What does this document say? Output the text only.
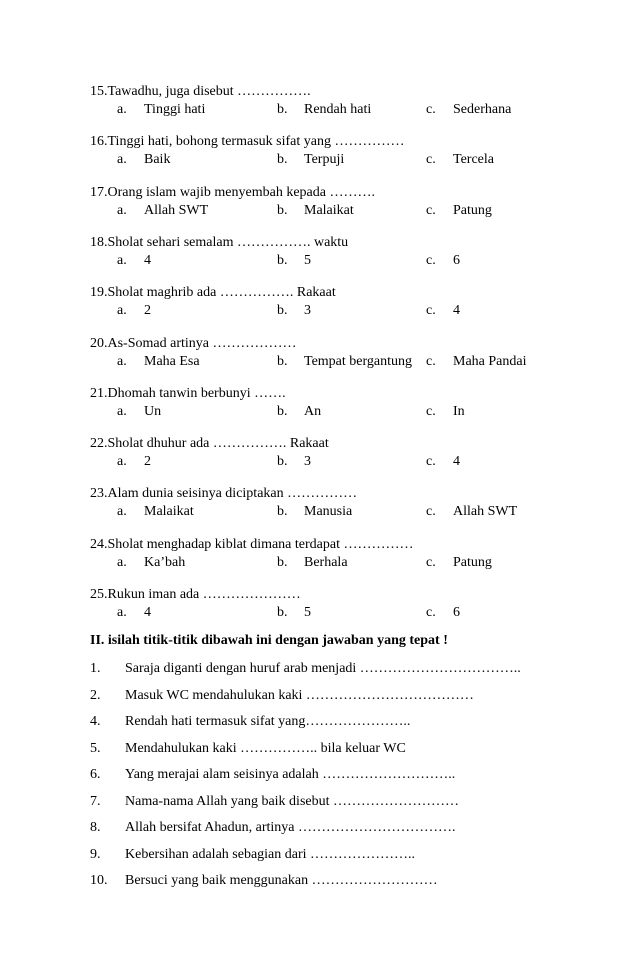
15.Tawadhu, juga disebut …………….
a. Tinggi hati	b. Rendah hati	c. Sederhana
16.Tinggi hati, bohong termasuk sifat yang ……………
a. Baik	b. Terpuji	c. Tercela
17.Orang islam wajib menyembah kepada ……….
a. Allah SWT	b. Malaikat	c. Patung
18.Sholat sehari semalam ……………. waktu
a. 4	b. 5	c. 6
19.Sholat maghrib ada ……………. Rakaat
a. 2	b. 3	c. 4
20.As-Somad artinya ………………
a. Maha Esa	b. Tempat bergantung c. Maha Pandai
21.Dhomah tanwin berbunyi …….
a. Un	b. An	c. In
22.Sholat dhuhur ada ……………. Rakaat
a. 2	b. 3	c. 4
23.Alam dunia seisinya diciptakan ……………
a. Malaikat	b. Manusia	c. Allah SWT
24.Sholat menghadap kiblat dimana terdapat ……………
a. Ka’bah	b. Berhala	c. Patung
25.Rukun iman ada …………………
a. 4	b. 5	c. 6
II. isilah titik-titik dibawah ini dengan jawaban yang tepat !
1. Saraja diganti dengan huruf arab menjadi ……………………………..
2. Masuk WC mendahulukan kaki ………………………………
4. Rendah hati termasuk sifat yang…………………..
5. Mendahulukan kaki …………….. bila keluar WC
6. Yang merajai alam seisinya adalah ………………………..
7. Nama-nama Allah yang baik disebut ………………………
8. Allah bersifat Ahadun, artinya …………………………….
9. Kebersihan adalah sebagian dari …………………..
10. Bersuci yang baik menggunakan ………………………
